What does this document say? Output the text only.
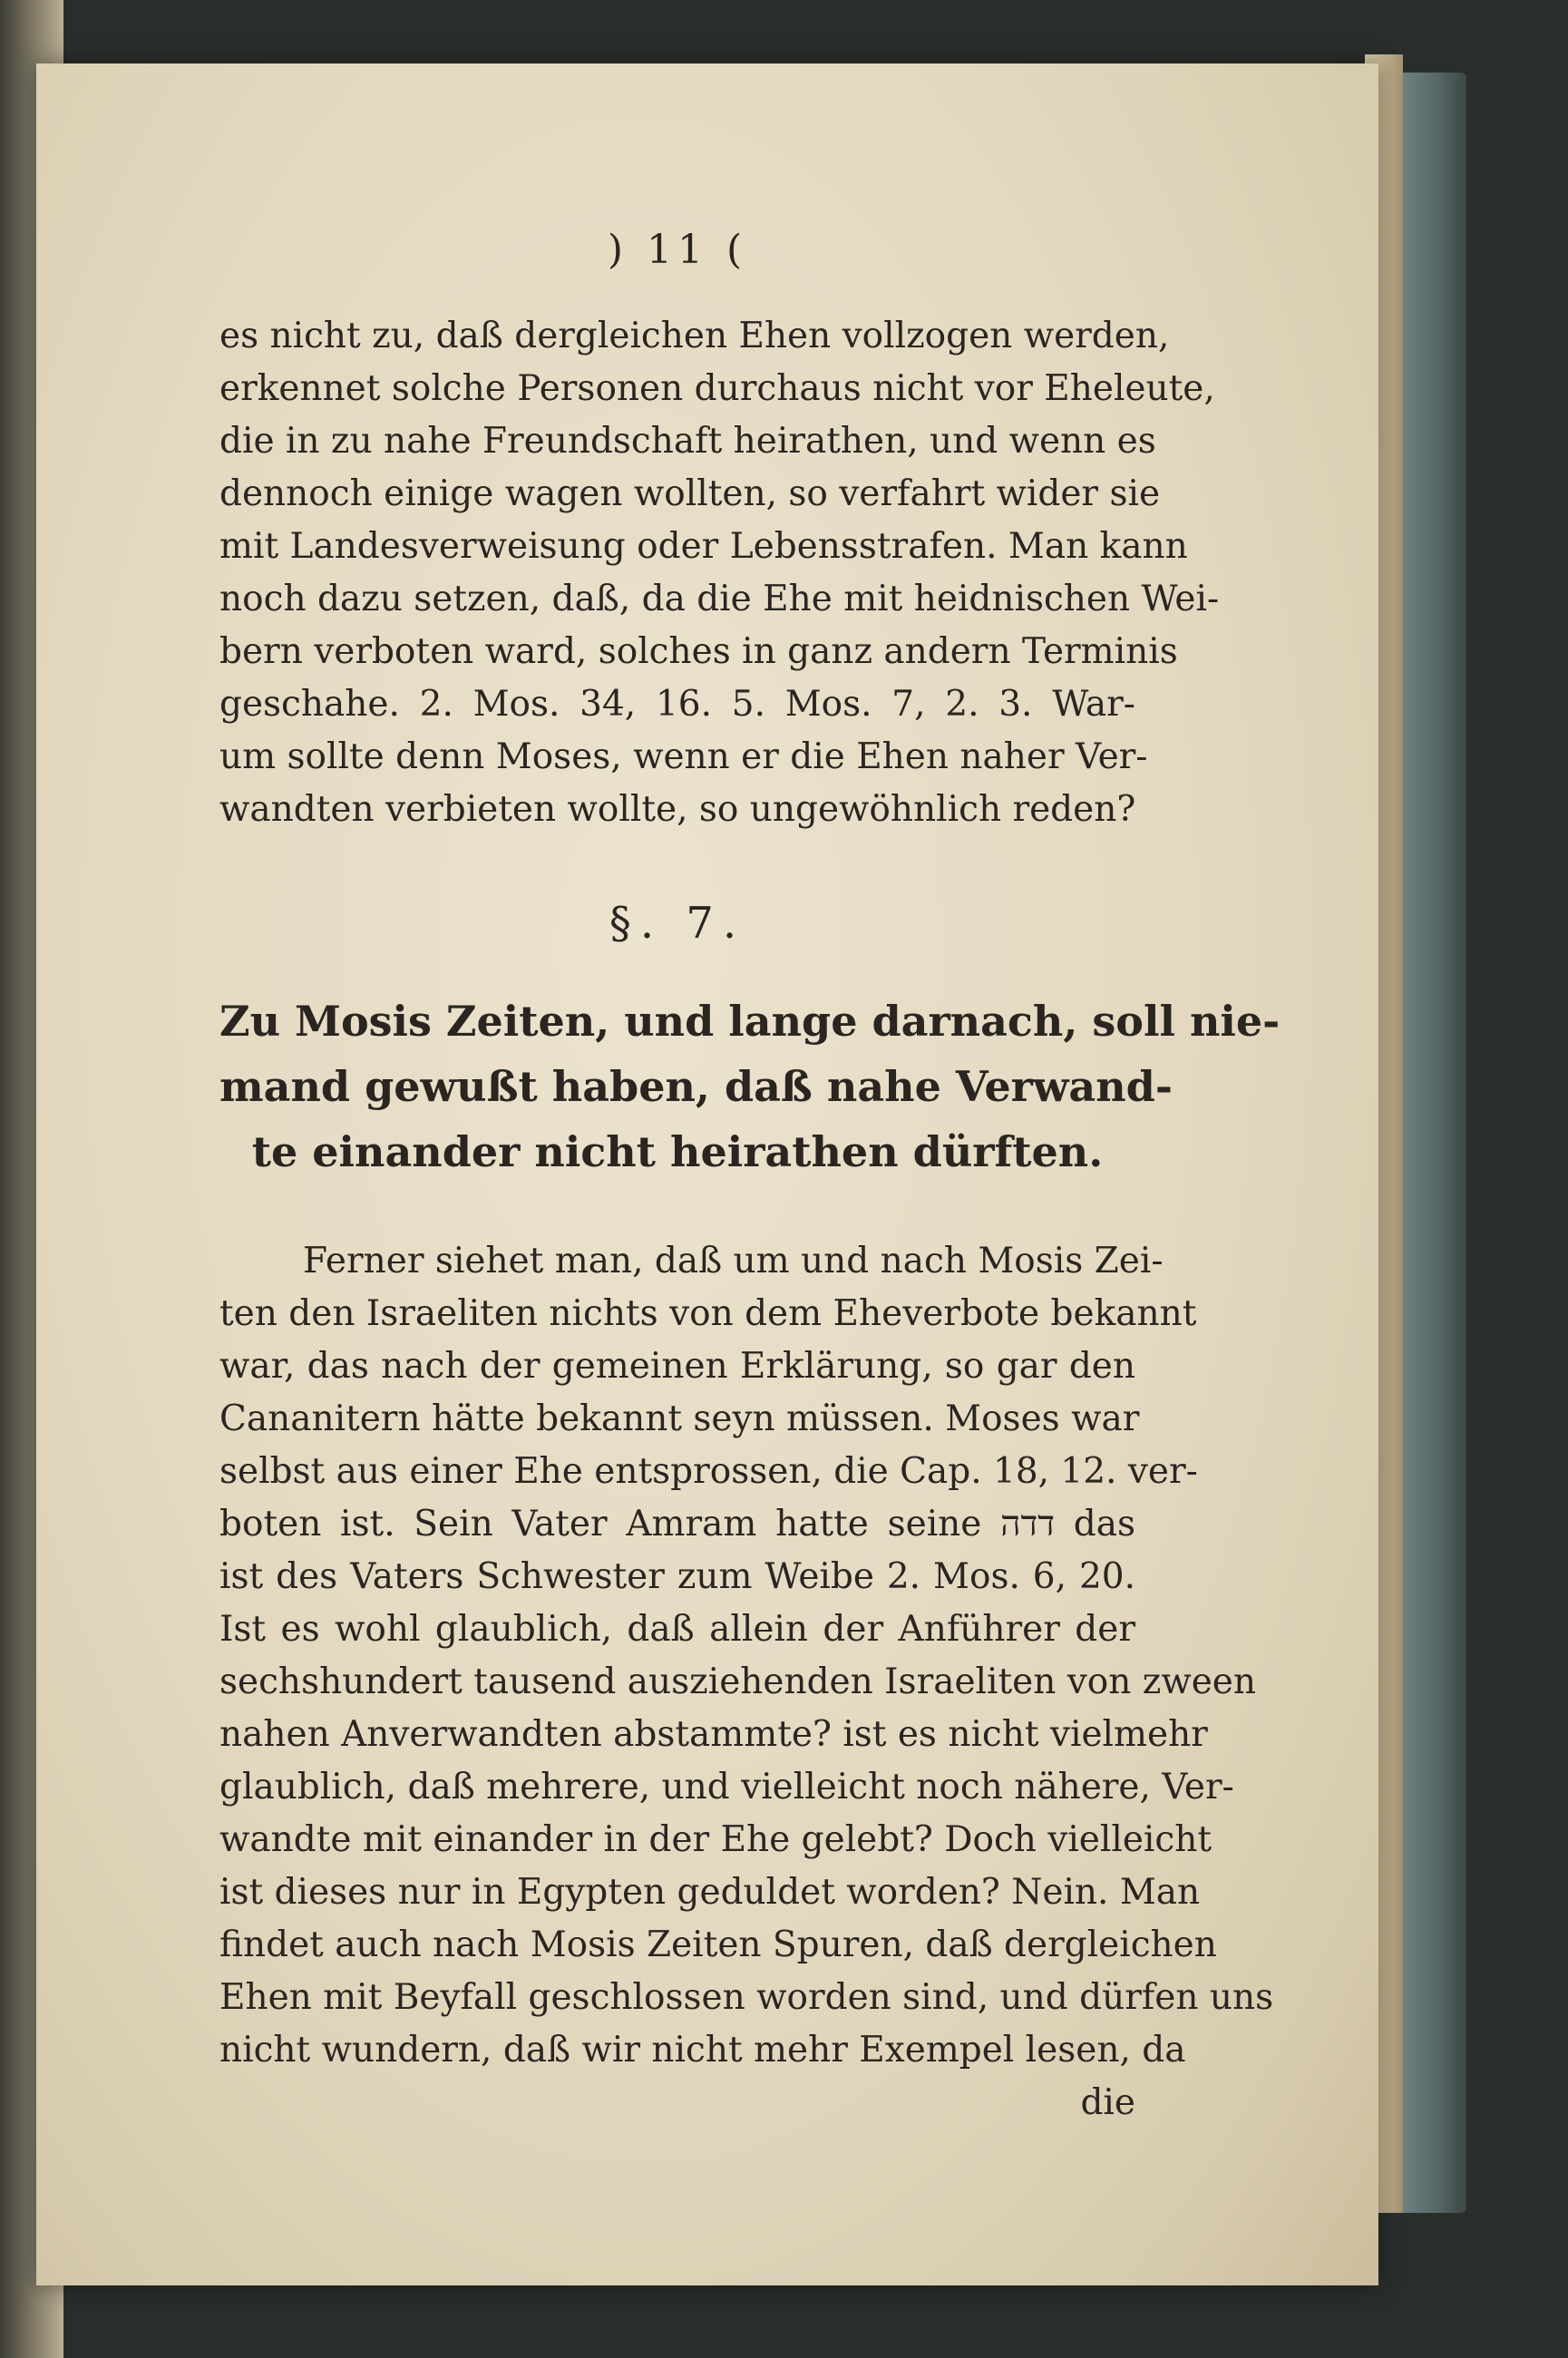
) 11 (
es nicht zu, daß dergleichen Ehen vollzogen werden,
erkennet solche Personen durchaus nicht vor Eheleute,
die in zu nahe Freundschaft heirathen, und wenn es
dennoch einige wagen wollten, so verfahrt wider sie
mit Landesverweisung oder Lebensstrafen. Man kann
noch dazu setzen, daß, da die Ehe mit heidnischen Wei-
bern verboten ward, solches in ganz andern Terminis
geschahe. 2. Mos. 34, 16. 5. Mos. 7, 2. 3. War-
um sollte denn Moses, wenn er die Ehen naher Ver-
wandten verbieten wollte, so ungewöhnlich reden?
§. 7.
Zu Mosis Zeiten, und lange darnach, soll nie-
mand gewußt haben, daß nahe Verwand-
te einander nicht heirathen dürften.
Ferner siehet man, daß um und nach Mosis Zei-
ten den Israeliten nichts von dem Eheverbote bekannt
war, das nach der gemeinen Erklärung, so gar den
Cananitern hätte bekannt seyn müssen. Moses war
selbst aus einer Ehe entsprossen, die Cap. 18, 12. ver-
boten ist. Sein Vater Amram hatte seine דדה das
ist des Vaters Schwester zum Weibe 2. Mos. 6, 20.
Ist es wohl glaublich, daß allein der Anführer der
sechshundert tausend ausziehenden Israeliten von zween
nahen Anverwandten abstammte? ist es nicht vielmehr
glaublich, daß mehrere, und vielleicht noch nähere, Ver-
wandte mit einander in der Ehe gelebt? Doch vielleicht
ist dieses nur in Egypten geduldet worden? Nein. Man
findet auch nach Mosis Zeiten Spuren, daß dergleichen
Ehen mit Beyfall geschlossen worden sind, und dürfen uns
nicht wundern, daß wir nicht mehr Exempel lesen, da
die
